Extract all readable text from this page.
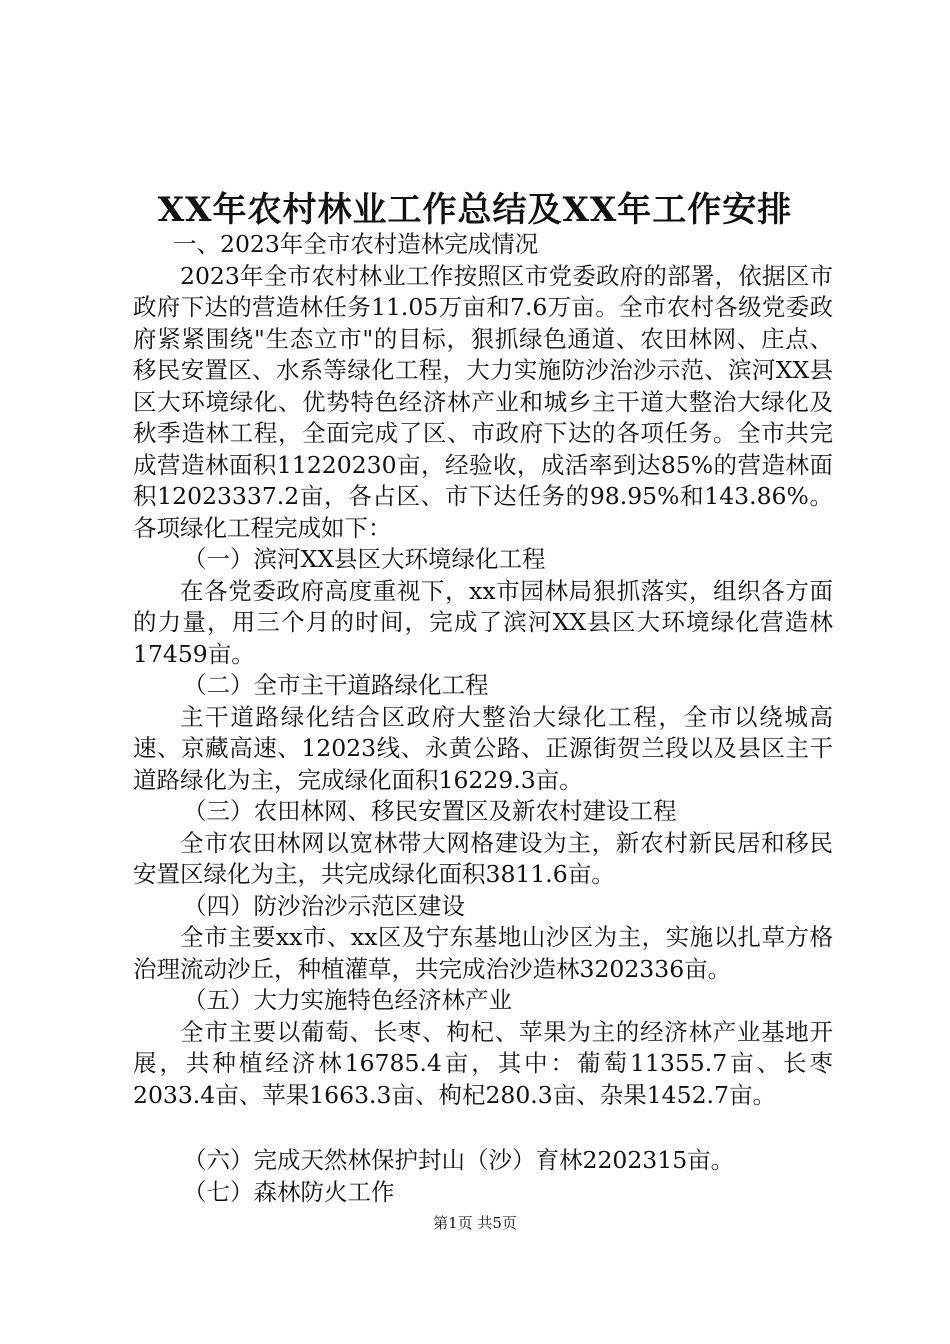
XX年农村林业工作总结及XX年工作安排

一、2023年全市农村造林完成情况

2023年全市农村林业工作按照区市党委政府的部署，依据区市政府下达的营造林任务11.05万亩和7.6万亩。全市农村各级党委政府紧紧围绕"生态立市"的目标，狠抓绿色通道、农田林网、庄点、移民安置区、水系等绿化工程，大力实施防沙治沙示范、滨河XX县区大环境绿化、优势特色经济林产业和城乡主干道大整治大绿化及秋季造林工程，全面完成了区、市政府下达的各项任务。全市共完成营造林面积11220230亩，经验收，成活率到达85%的营造林面积12023337.2亩，各占区、市下达任务的98.95%和143.86%。各项绿化工程完成如下：

（一）滨河XX县区大环境绿化工程

在各党委政府高度重视下，xx市园林局狠抓落实，组织各方面的力量，用三个月的时间，完成了滨河XX县区大环境绿化营造林17459亩。

（二）全市主干道路绿化工程

主干道路绿化结合区政府大整治大绿化工程，全市以绕城高速、京藏高速、12023线、永黄公路、正源街贺兰段以及县区主干道路绿化为主，完成绿化面积16229.3亩。

（三）农田林网、移民安置区及新农村建设工程

全市农田林网以宽林带大网格建设为主，新农村新民居和移民安置区绿化为主，共完成绿化面积3811.6亩。

（四）防沙治沙示范区建设

全市主要xx市、xx区及宁东基地山沙区为主，实施以扎草方格治理流动沙丘，种植灌草，共完成治沙造林3202336亩。

（五）大力实施特色经济林产业

全市主要以葡萄、长枣、枸杞、苹果为主的经济林产业基地开展，共种植经济林16785.4亩，其中：葡萄11355.7亩、长枣2033.4亩、苹果1663.3亩、枸杞280.3亩、杂果1452.7亩。

（六）完成天然林保护封山（沙）育林2202315亩。

（七）森林防火工作

第1页 共5页
